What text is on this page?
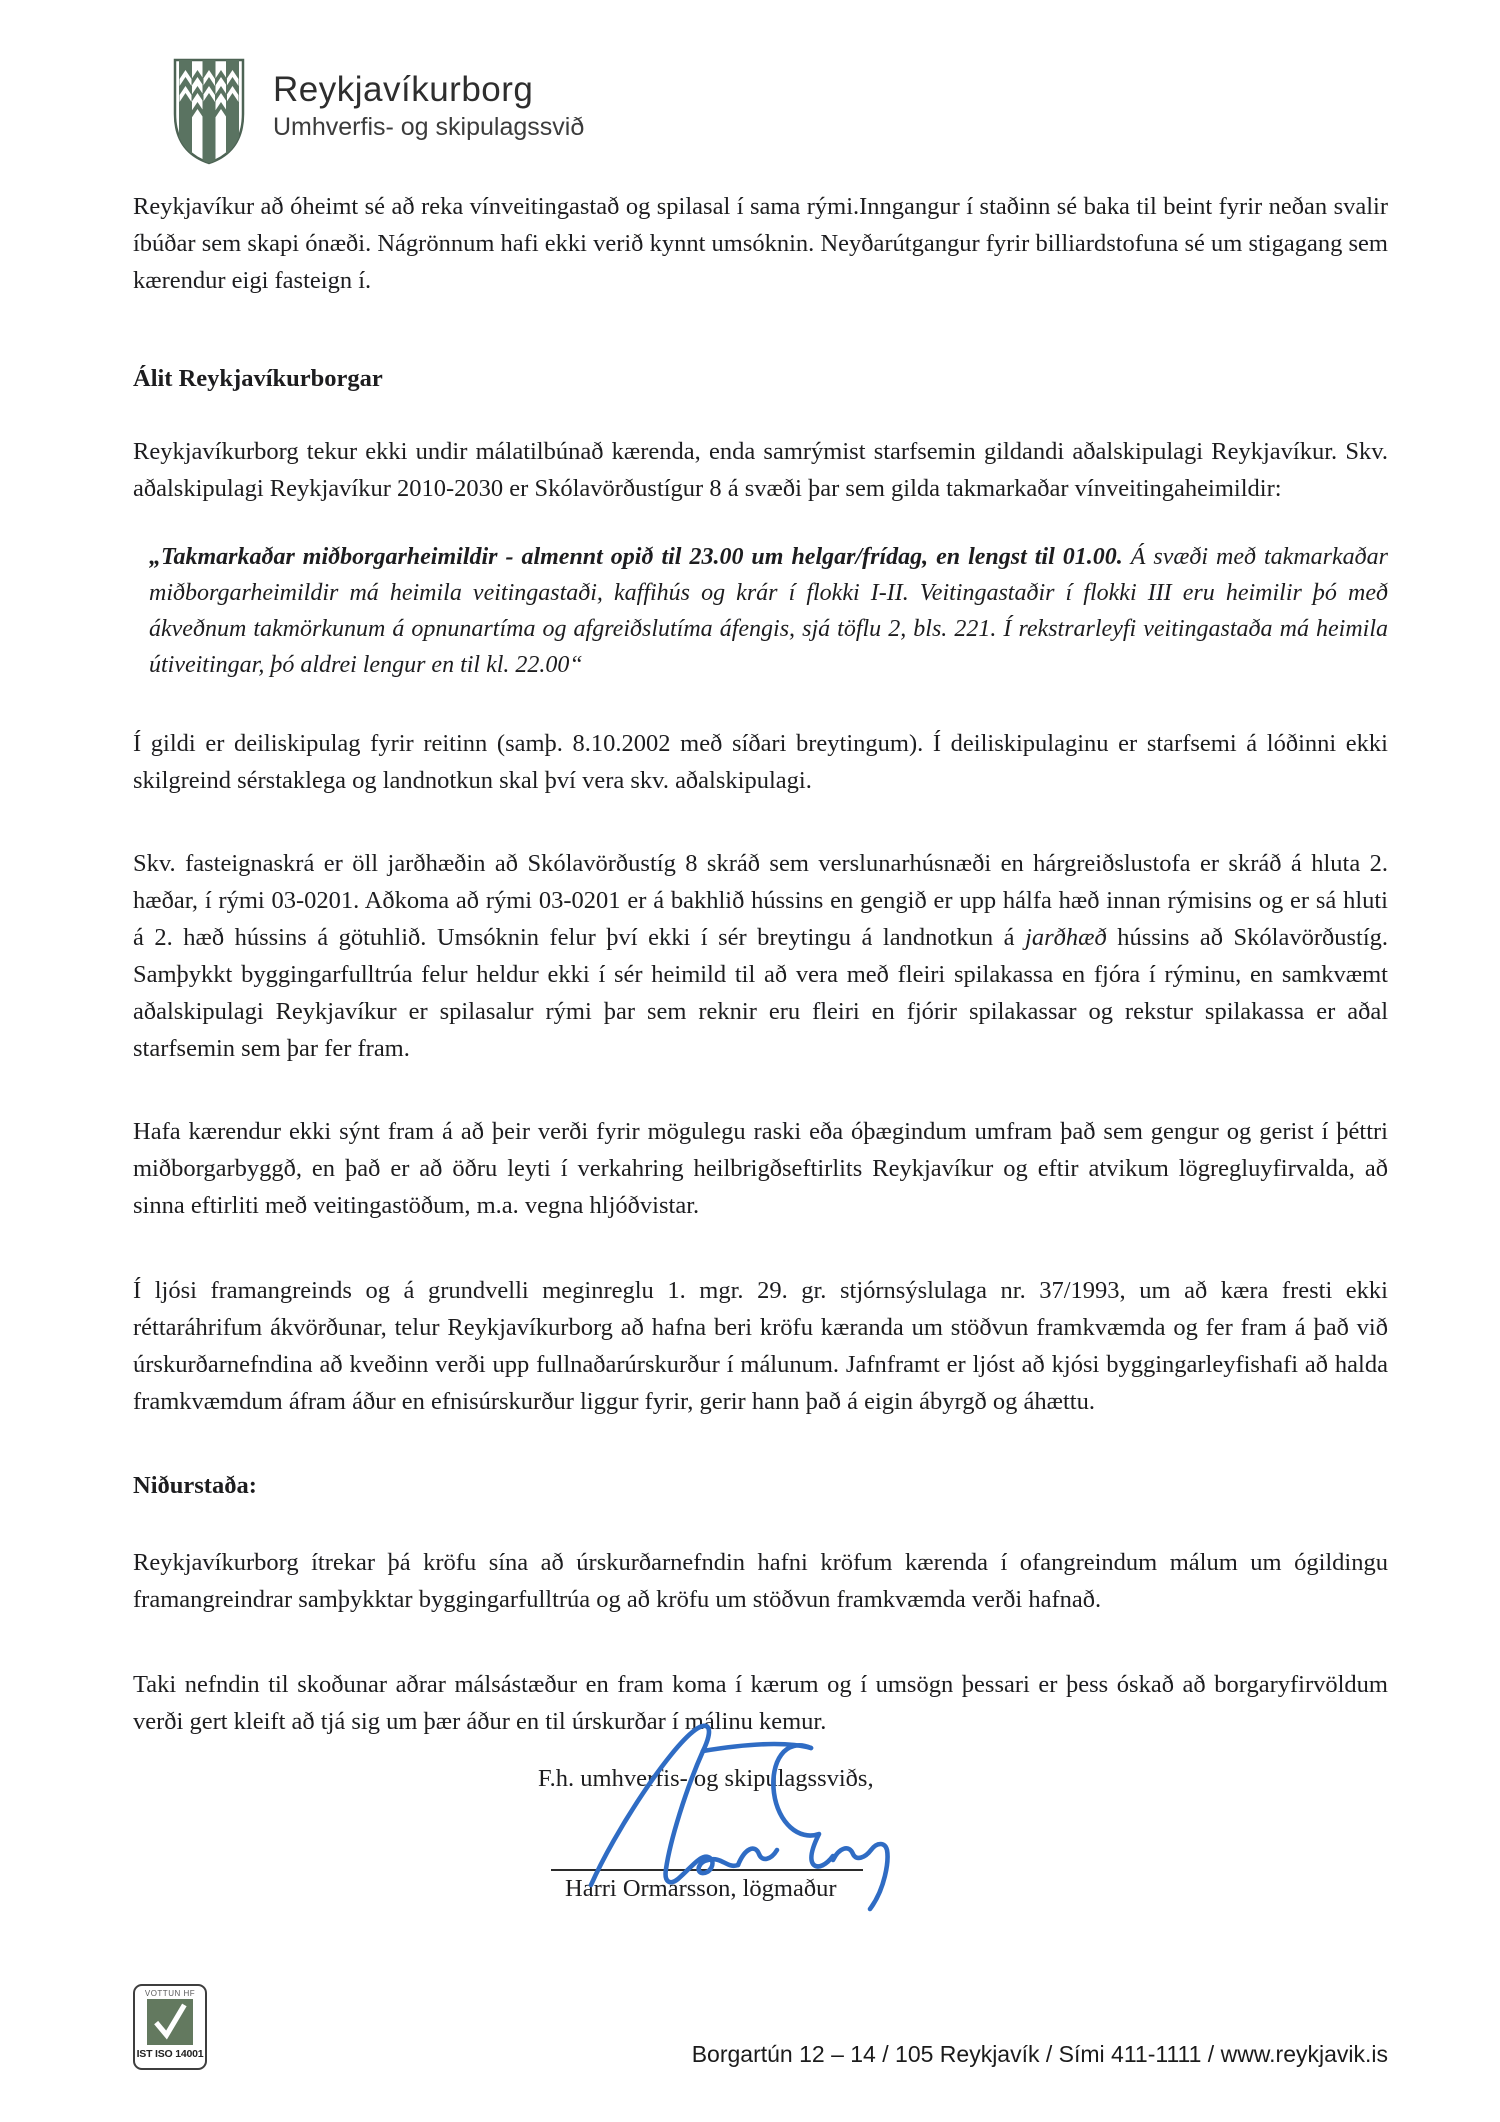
Reykjavíkurborg
Umhverfis- og skipulagssvið

Reykjavíkur að óheimt sé að reka vínveitingastað og spilasal í sama rými.Inngangur í staðinn sé baka til beint fyrir neðan svalir íbúðar sem skapi ónæði. Nágrönnum hafi ekki verið kynnt umsóknin. Neyðarútgangur fyrir billiardstofuna sé um stigagang sem kærendur eigi fasteign í.

Álit Reykjavíkurborgar

Reykjavíkurborg tekur ekki undir málatilbúnað kærenda, enda samrýmist starfsemin gildandi aðalskipulagi Reykjavíkur. Skv. aðalskipulagi Reykjavíkur 2010-2030 er Skólavörðustígur 8 á svæði þar sem gilda takmarkaðar vínveitingaheimildir:

„Takmarkaðar miðborgarheimildir - almennt opið til 23.00 um helgar/frídag, en lengst til 01.00. Á svæði með takmarkaðar miðborgarheimildir má heimila veitingastaði, kaffihús og krár í flokki I-II. Veitingastaðir í flokki III eru heimilir þó með ákveðnum takmörkunum á opnunartíma og afgreiðslutíma áfengis, sjá töflu 2, bls. 221. Í rekstrarleyfi veitingastaða má heimila útiveitingar, þó aldrei lengur en til kl. 22.00“

Í gildi er deiliskipulag fyrir reitinn (samþ. 8.10.2002 með síðari breytingum). Í deiliskipulaginu er starfsemi á lóðinni ekki skilgreind sérstaklega og landnotkun skal því vera skv. aðalskipulagi.

Skv. fasteignaskrá er öll jarðhæðin að Skólavörðustíg 8 skráð sem verslunarhúsnæði en hárgreiðslustofa er skráð á hluta 2. hæðar, í rými 03-0201. Aðkoma að rými 03-0201 er á bakhlið hússins en gengið er upp hálfa hæð innan rýmisins og er sá hluti á 2. hæð hússins á götuhlið. Umsóknin felur því ekki í sér breytingu á landnotkun á jarðhæð hússins að Skólavörðustíg. Samþykkt byggingarfulltrúa felur heldur ekki í sér heimild til að vera með fleiri spilakassa en fjóra í rýminu, en samkvæmt aðalskipulagi Reykjavíkur er spilasalur rými þar sem reknir eru fleiri en fjórir spilakassar og rekstur spilakassa er aðal starfsemin sem þar fer fram.

Hafa kærendur ekki sýnt fram á að þeir verði fyrir mögulegu raski eða óþægindum umfram það sem gengur og gerist í þéttri miðborgarbyggð, en það er að öðru leyti í verkahring heilbrigðseftirlits Reykjavíkur og eftir atvikum lögregluyfirvalda, að sinna eftirliti með veitingastöðum, m.a. vegna hljóðvistar.

Í ljósi framangreinds og á grundvelli meginreglu 1. mgr. 29. gr. stjórnsýslulaga nr. 37/1993, um að kæra fresti ekki réttaráhrifum ákvörðunar, telur Reykjavíkurborg að hafna beri kröfu kæranda um stöðvun framkvæmda og fer fram á það við úrskurðarnefndina að kveðinn verði upp fullnaðarúrskurður í málunum. Jafnframt er ljóst að kjósi byggingarleyfishafi að halda framkvæmdum áfram áður en efnisúrskurður liggur fyrir, gerir hann það á eigin ábyrgð og áhættu.

Niðurstaða:

Reykjavíkurborg ítrekar þá kröfu sína að úrskurðarnefndin hafni kröfum kærenda í ofangreindum málum um ógildingu framangreindrar samþykktar byggingarfulltrúa og að kröfu um stöðvun framkvæmda verði hafnað.

Taki nefndin til skoðunar aðrar málsástæður en fram koma í kærum og í umsögn þessari er þess óskað að borgaryfirvöldum verði gert kleift að tjá sig um þær áður en til úrskurðar í málinu kemur.

F.h. umhverfis- og skipulagssviðs,
Harri Ormarsson, lögmaður
VOTTUN HF
IST ISO 14001	Borgartún 12 – 14 / 105 Reykjavík / Sími 411-1111 / www.reykjavik.is
